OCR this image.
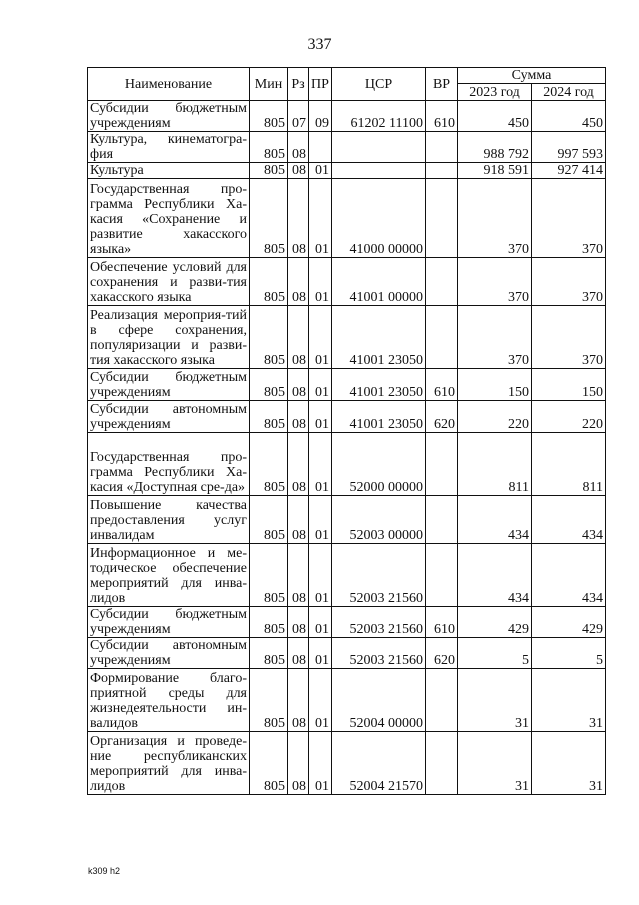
337
Наименование	Мин	Рз	ПР	ЦСР	ВР	Сумма	
						2023 год	2024 год
Субсидии бюджетным учреждениям	805	07	09	61202 11100	610	450	450
Культура, кинематогра-фия	805	08				988 792	997 593
Культура	805	08	01			918 591	927 414
Государственная про-грамма Республики Ха-касия «Сохранение и развитие хакасского языка»	805	08	01	41000 00000		370	370
Обеспечение условий для сохранения и разви-тия хакасского языка	805	08	01	41001 00000		370	370
Реализация мероприя-тий в сфере сохранения, популяризации и разви-тия хакасского языка	805	08	01	41001 23050		370	370
Субсидии бюджетным учреждениям	805	08	01	41001 23050	610	150	150
Субсидии автономным учреждениям	805	08	01	41001 23050	620	220	220
Государственная про-грамма Республики Ха-касия «Доступная сре-да»	805	08	01	52000 00000		811	811
Повышение качества предоставления услуг инвалидам	805	08	01	52003 00000		434	434
Информационное и ме-тодическое обеспечение мероприятий для инва-лидов	805	08	01	52003 21560		434	434
Субсидии бюджетным учреждениям	805	08	01	52003 21560	610	429	429
Субсидии автономным учреждениям	805	08	01	52003 21560	620	5	5
Формирование благо-приятной среды для жизнедеятельности ин-валидов	805	08	01	52004 00000		31	31
Организация и проведе-ние республиканских мероприятий для инва-лидов	805	08	01	52004 21570		31	31
k309 h2
